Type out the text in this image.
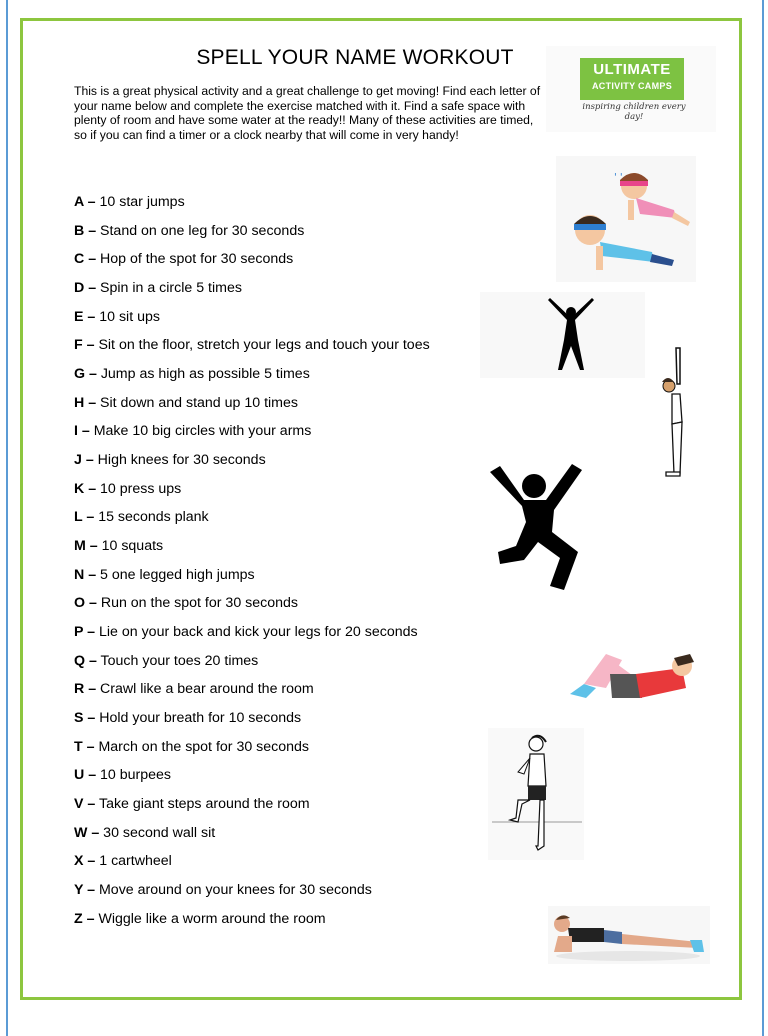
SPELL YOUR NAME WORKOUT
This is a great physical activity and a great challenge to get moving! Find each letter of your name below and complete the exercise matched with it. Find a safe space with plenty of room and have some water at the ready!! Many of these activities are timed, so if you can find a timer or a clock nearby that will come in very handy!
ULTIMATE
ACTIVITY CAMPS
inspiring children every day!
A – 10 star jumps
B – Stand on one leg for 30 seconds
C – Hop of the spot for 30 seconds
D – Spin in a circle 5 times
E – 10 sit ups
F – Sit on the floor, stretch your legs and touch your toes
G – Jump as high as possible 5 times
H – Sit down and stand up 10 times
I – Make 10 big circles with your arms
J – High knees for 30 seconds
K – 10 press ups
L – 15 seconds plank
M – 10 squats
N – 5 one legged high jumps
O – Run on the spot for 30 seconds
P – Lie on your back and kick your legs for 20 seconds
Q – Touch your toes 20 times
R – Crawl like a bear around the room
S – Hold your breath for 10 seconds
T – March on the spot for 30 seconds
U – 10 burpees
V – Take giant steps around the room
W – 30 second wall sit
X – 1 cartwheel
Y – Move around on your knees for 30 seconds
Z – Wiggle like a worm around the room
' '
